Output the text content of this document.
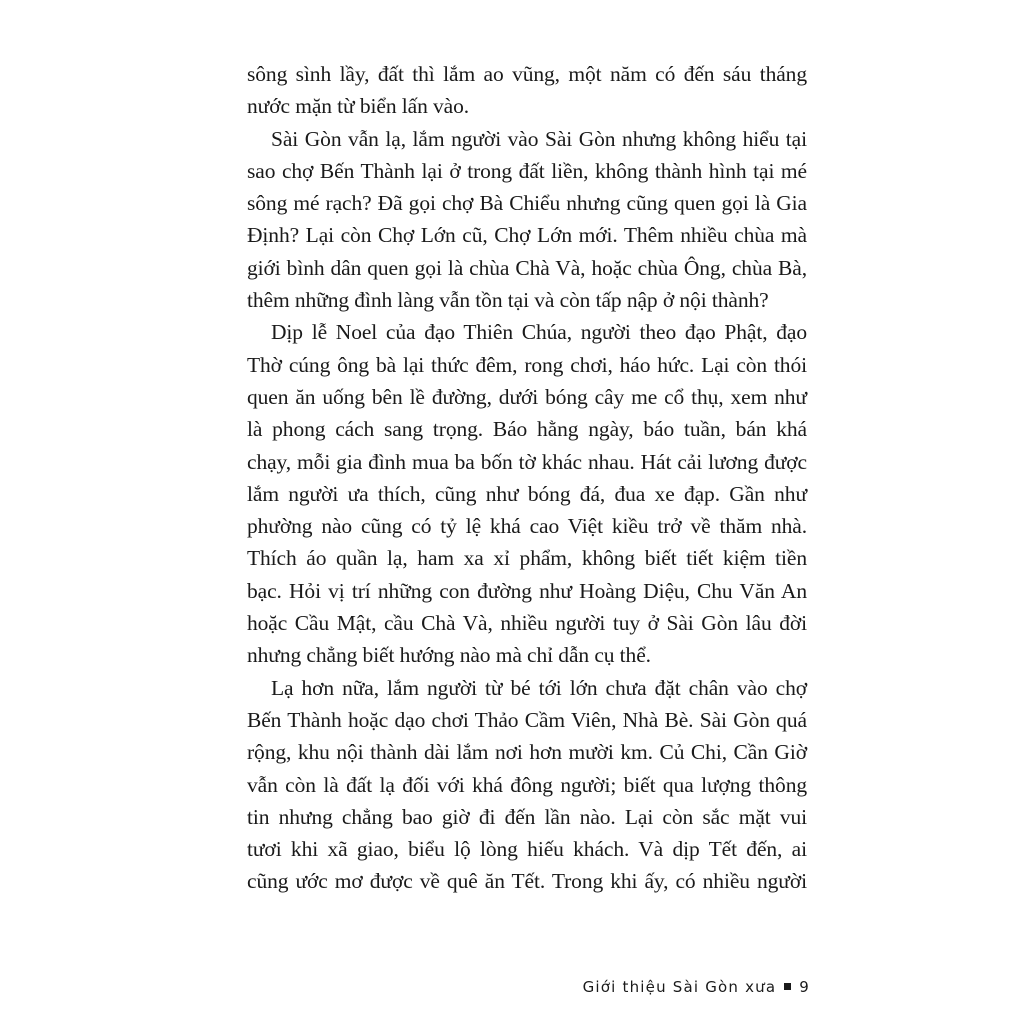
sông sình lầy, đất thì lắm ao vũng, một năm có đến sáu tháng
nước mặn từ biển lấn vào.
Sài Gòn vẫn lạ, lắm người vào Sài Gòn nhưng không hiểu tại
sao chợ Bến Thành lại ở trong đất liền, không thành hình tại mé
sông mé rạch? Đã gọi chợ Bà Chiểu nhưng cũng quen gọi là Gia
Định? Lại còn Chợ Lớn cũ, Chợ Lớn mới. Thêm nhiều chùa mà
giới bình dân quen gọi là chùa Chà Và, hoặc chùa Ông, chùa Bà,
thêm những đình làng vẫn tồn tại và còn tấp nập ở nội thành?
Dịp lễ Noel của đạo Thiên Chúa, người theo đạo Phật, đạo
Thờ cúng ông bà lại thức đêm, rong chơi, háo hức. Lại còn thói
quen ăn uống bên lề đường, dưới bóng cây me cổ thụ, xem như
là phong cách sang trọng. Báo hằng ngày, báo tuần, bán khá
chạy, mỗi gia đình mua ba bốn tờ khác nhau. Hát cải lương được
lắm người ưa thích, cũng như bóng đá, đua xe đạp. Gần như
phường nào cũng có tỷ lệ khá cao Việt kiều trở về thăm nhà.
Thích áo quần lạ, ham xa xỉ phẩm, không biết tiết kiệm tiền
bạc. Hỏi vị trí những con đường như Hoàng Diệu, Chu Văn An
hoặc Cầu Mật, cầu Chà Và, nhiều người tuy ở Sài Gòn lâu đời
nhưng chẳng biết hướng nào mà chỉ dẫn cụ thể.
Lạ hơn nữa, lắm người từ bé tới lớn chưa đặt chân vào chợ
Bến Thành hoặc dạo chơi Thảo Cầm Viên, Nhà Bè. Sài Gòn quá
rộng, khu nội thành dài lắm nơi hơn mười km. Củ Chi, Cần Giờ
vẫn còn là đất lạ đối với khá đông người; biết qua lượng thông
tin nhưng chẳng bao giờ đi đến lần nào. Lại còn sắc mặt vui
tươi khi xã giao, biểu lộ lòng hiếu khách. Và dịp Tết đến, ai
cũng ước mơ được về quê ăn Tết. Trong khi ấy, có nhiều người
Giới thiệu Sài Gòn xưa 9
